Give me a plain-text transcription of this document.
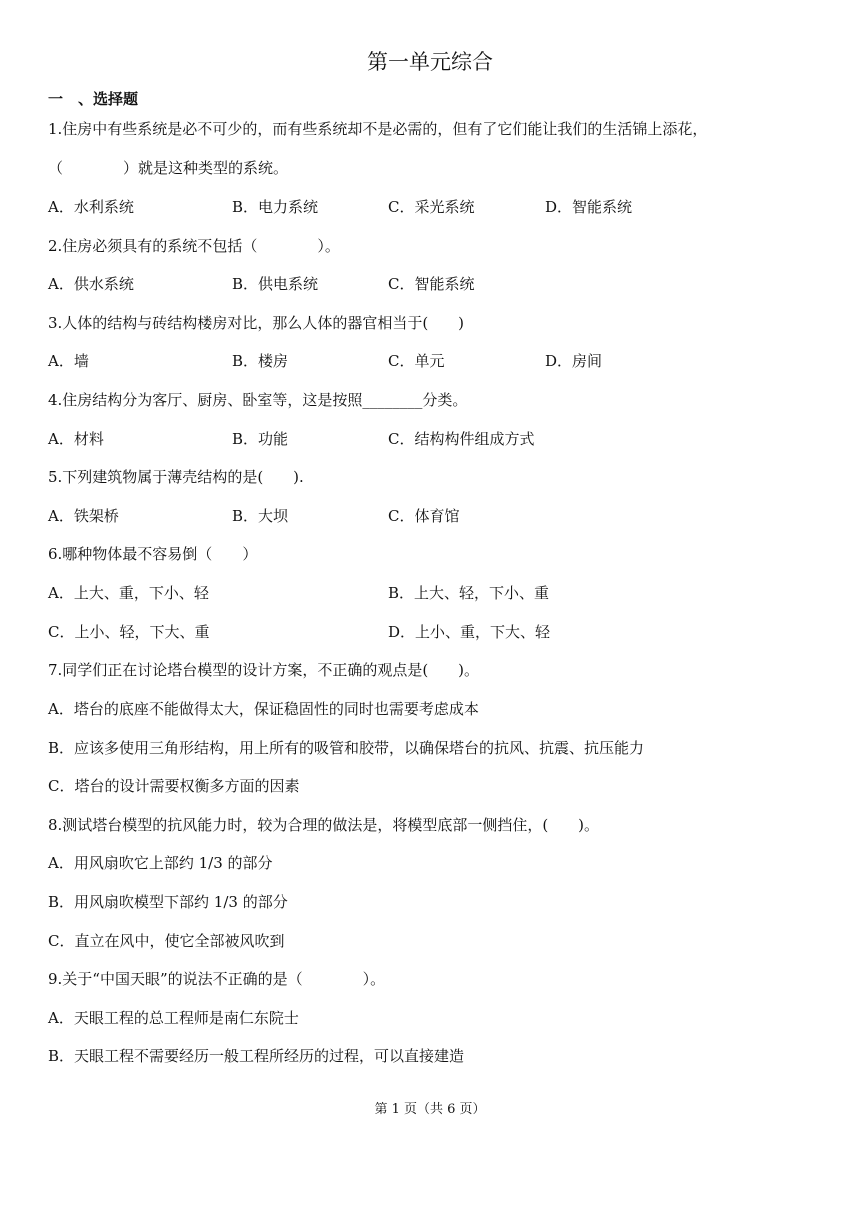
第一单元综合
一　、选择题
1.住房中有些系统是必不可少的，而有些系统却不是必需的，但有了它们能让我们的生活锦上添花，
（　　　　）就是这种类型的系统。
A．水利系统	B．电力系统	C．采光系统	D．智能系统
2.住房必须具有的系统不包括（　　　　）。
A．供水系统	B．供电系统	C．智能系统
3.人体的结构与砖结构楼房对比，那么人体的器官相当于(　　)
A．墙	B．楼房	C．单元	D．房间
4.住房结构分为客厅、厨房、卧室等，这是按照________分类。
A．材料	B．功能	C．结构构件组成方式
5.下列建筑物属于薄壳结构的是(　　).
A．铁架桥	B．大坝	C．体育馆
6.哪种物体最不容易倒（　　）
A．上大、重，下小、轻	B．上大、轻，下小、重
C．上小、轻，下大、重	D．上小、重，下大、轻
7.同学们正在讨论塔台模型的设计方案，不正确的观点是(　　)。
A．塔台的底座不能做得太大，保证稳固性的同时也需要考虑成本
B．应该多使用三角形结构，用上所有的吸管和胶带，以确保塔台的抗风、抗震、抗压能力
C．塔台的设计需要权衡多方面的因素
8.测试塔台模型的抗风能力时，较为合理的做法是，将模型底部一侧挡住，(　　)。
A．用风扇吹它上部约 1/3 的部分
B．用风扇吹模型下部约 1/3 的部分
C．直立在风中，使它全部被风吹到
9.关于“中国天眼”的说法不正确的是（　　　　）。
A．天眼工程的总工程师是南仁东院士
B．天眼工程不需要经历一般工程所经历的过程，可以直接建造
第 1 页（共 6 页）
